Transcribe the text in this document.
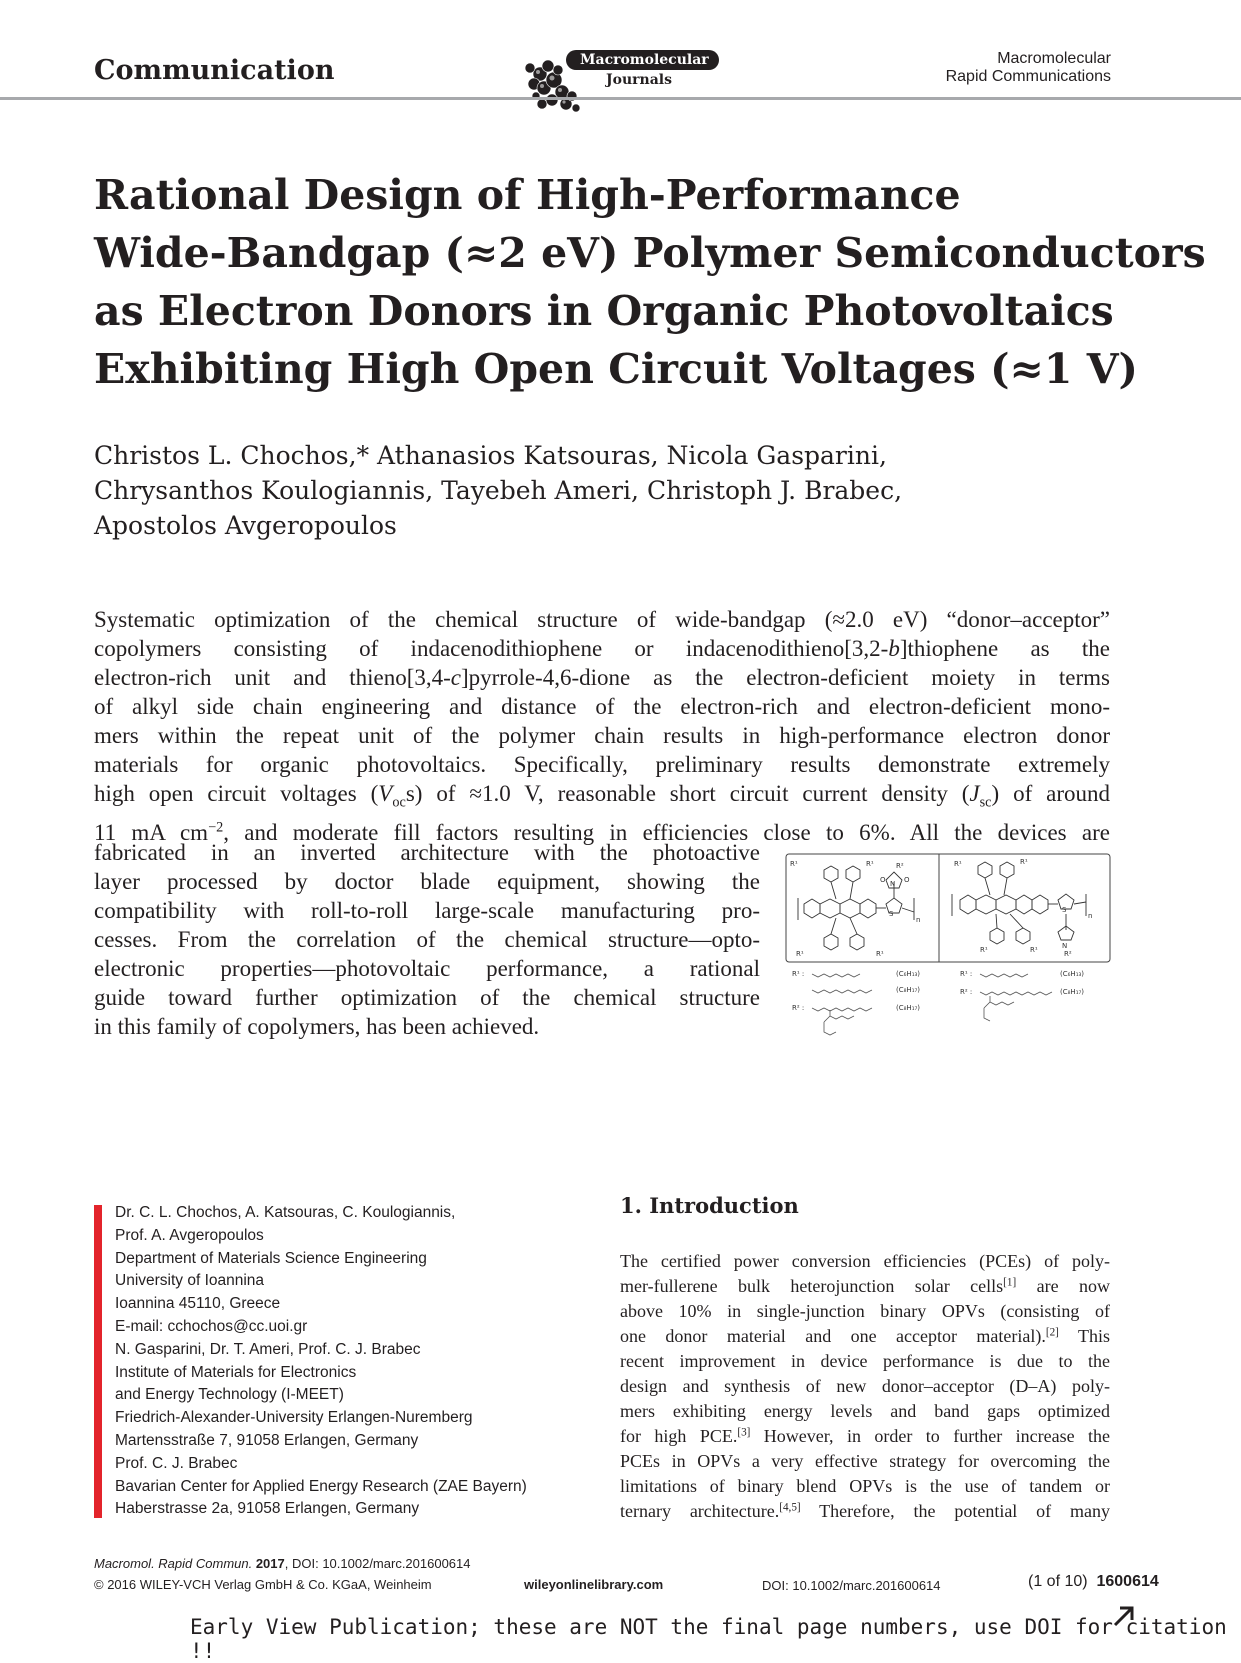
Communication	Macromolecular
Journals
Macromolecular
Rapid Communications
Rational Design of High-Performance
Wide-Bandgap (≈2 eV) Polymer Semiconductors
as Electron Donors in Organic Photovoltaics
Exhibiting High Open Circuit Voltages (≈1 V)
Christos L. Chochos,* Athanasios Katsouras, Nicola Gasparini,
Chrysanthos Koulogiannis, Tayebeh Ameri, Christoph J. Brabec,
Apostolos Avgeropoulos
Systematic optimization of the chemical structure of wide-bandgap (≈2.0 eV) “donor–acceptor”
copolymers consisting of indacenodithiophene or indacenodithieno[3,2-b]thiophene as the
electron-rich unit and thieno[3,4-c]pyrrole-4,6-dione as the electron-deficient moiety in terms
of alkyl side chain engineering and distance of the electron-rich and electron-deficient mono-
mers within the repeat unit of the polymer chain results in high-performance electron donor
materials for organic photovoltaics. Specifically, preliminary results demonstrate extremely
high open circuit voltages $(V_{oc}s)$ of ≈1.0 V, reasonable short circuit current density $(J_{sc})$ of around
11 mA $cm^{-2}$, and moderate fill factors resulting in efficiencies close to 6%. All the devices are
fabricated in an inverted architecture with the photoactive
layer processed by doctor blade equipment, showing the
compatibility with roll-to-roll large-scale manufacturing pro-
cesses. From the correlation of the chemical structure—opto-
electronic properties—photovoltaic performance, a rational
guide toward further optimization of the chemical structure
in this family of copolymers, has been achieved.
R¹	R¹
R¹	R¹
R²
N O
O
S
n
R¹	R¹
R¹	R¹	N
R²
n
S
R¹ :	(C₆H₁₃)
(C₈H₁₇)
R² :	(C₈H₁₇)
R¹ :	(C₆H₁₃)
R² :	(C₈H₁₇)
Dr. C. L. Chochos, A. Katsouras, C. Koulogiannis,
Prof. A. Avgeropoulos
Department of Materials Science Engineering
University of Ioannina
Ioannina 45110, Greece
E-mail: cchochos@cc.uoi.gr
N. Gasparini, Dr. T. Ameri, Prof. C. J. Brabec
Institute of Materials for Electronics
and Energy Technology (I-MEET)
Friedrich-Alexander-University Erlangen-Nuremberg
Martensstraße 7, 91058 Erlangen, Germany
Prof. C. J. Brabec
Bavarian Center for Applied Energy Research (ZAE Bayern)
Haberstrasse 2a, 91058 Erlangen, Germany
1. Introduction
The certified power conversion efficiencies (PCEs) of poly-
mer-fullerene bulk heterojunction solar cells[1] are now
above 10% in single-junction binary OPVs (consisting of
one donor material and one acceptor material).[2] This
recent improvement in device performance is due to the
design and synthesis of new donor–acceptor (D–A) poly-
mers exhibiting energy levels and band gaps optimized
for high PCE.[3] However, in order to further increase the
PCEs in OPVs a very effective strategy for overcoming the
limitations of binary blend OPVs is the use of tandem or
ternary architecture.[4,5] Therefore, the potential of many
Macromol. Rapid Commun. 2017, DOI: 10.1002/marc.201600614
© 2016 WILEY-VCH Verlag GmbH & Co. KGaA, Weinheim	wileyonlinelibrary.com	DOI: 10.1002/marc.201600614	(1 of 10) 1600614
Early View Publication; these are NOT the final page numbers, use DOI for citation !!
